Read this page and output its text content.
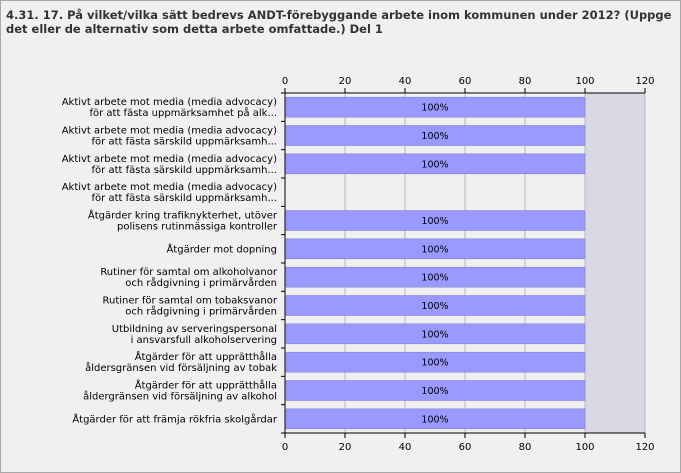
4.31. 17. På vilket/vilka sätt bedrevs ANDT-förebyggande arbete inom kommunen under 2012? (Uppge det eller de alternativ som detta arbete omfattade.) Del 1
0
0
20
20
40
40
60
60
80
80
100
100
120
120
Aktivt arbete mot media (media advocacy) för att fästa uppmärksamhet på alk...	100%
Aktivt arbete mot media (media advocacy) för att fästa särskild uppmärksamh...	100%
Aktivt arbete mot media (media advocacy) för att fästa särskild uppmärksamh...	100%
Aktivt arbete mot media (media advocacy) för att fästa särskild uppmärksamh...
Åtgärder kring trafiknykterhet, utöver polisens rutinmässiga kontroller	100%
Åtgärder mot dopning	100%
Rutiner för samtal om alkoholvanor och rådgivning i primärvården	100%
Rutiner för samtal om tobaksvanor och rådgivning i primärvården	100%
Utbildning av serveringspersonal i ansvarsfull alkoholservering	100%
Åtgärder för att upprätthålla åldersgränsen vid försäljning av tobak	100%
Åtgärder för att upprätthålla åldergränsen vid försäljning av alkohol	100%
Åtgärder för att främja rökfria skolgårdar	100%
